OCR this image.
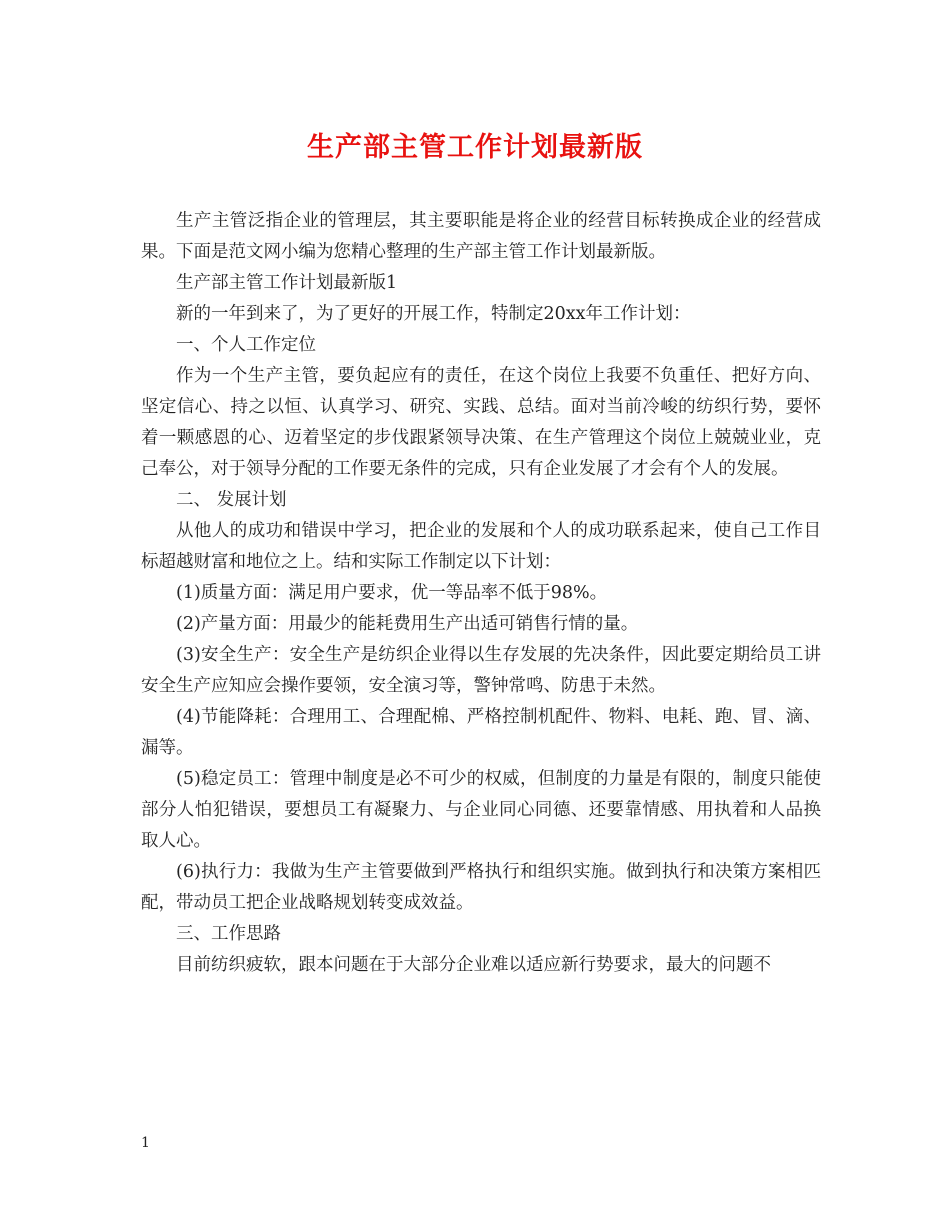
生产部主管工作计划最新版

生产主管泛指企业的管理层，其主要职能是将企业的经营目标转换成企业的经营成果。下面是范文网小编为您精心整理的生产部主管工作计划最新版。

生产部主管工作计划最新版1

新的一年到来了，为了更好的开展工作，特制定20xx年工作计划：

一、个人工作定位

作为一个生产主管，要负起应有的责任，在这个岗位上我要不负重任、把好方向、坚定信心、持之以恒、认真学习、研究、实践、总结。面对当前冷峻的纺织行势，要怀着一颗感恩的心、迈着坚定的步伐跟紧领导决策、在生产管理这个岗位上兢兢业业，克己奉公，对于领导分配的工作要无条件的完成，只有企业发展了才会有个人的发展。

二、 发展计划

从他人的成功和错误中学习，把企业的发展和个人的成功联系起来，使自己工作目标超越财富和地位之上。结和实际工作制定以下计划：

(1)质量方面：满足用户要求，优一等品率不低于98%。

(2)产量方面：用最少的能耗费用生产出适可销售行情的量。

(3)安全生产：安全生产是纺织企业得以生存发展的先决条件，因此要定期给员工讲安全生产应知应会操作要领，安全演习等，警钟常鸣、防患于未然。

(4)节能降耗：合理用工、合理配棉、严格控制机配件、物料、电耗、跑、冒、滴、漏等。

(5)稳定员工：管理中制度是必不可少的权威，但制度的力量是有限的，制度只能使部分人怕犯错误，要想员工有凝聚力、与企业同心同德、还要靠情感、用执着和人品换取人心。

(6)执行力：我做为生产主管要做到严格执行和组织实施。做到执行和决策方案相匹配，带动员工把企业战略规划转变成效益。

三、工作思路

目前纺织疲软，跟本问题在于大部分企业难以适应新行势要求，最大的问题不

1
